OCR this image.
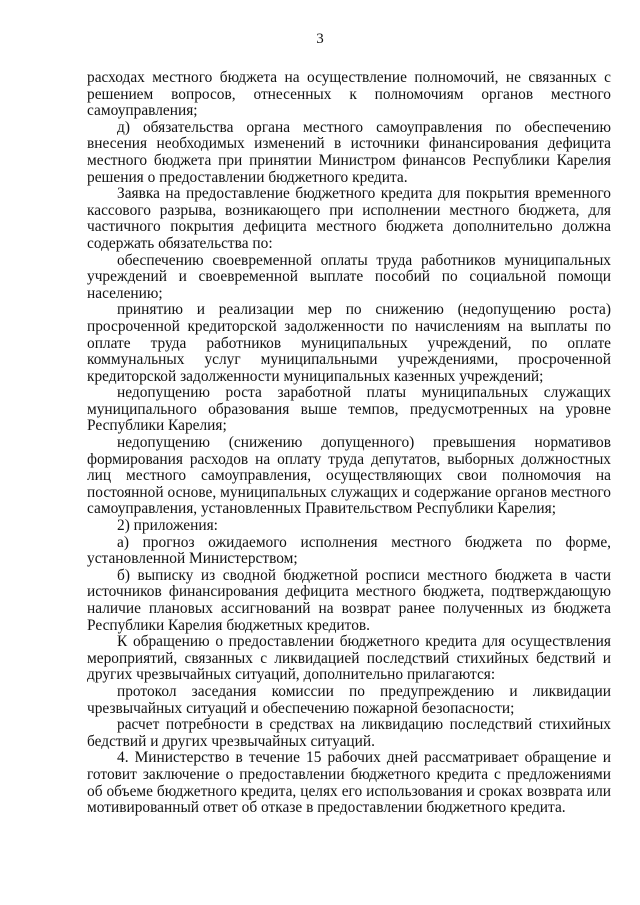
3

расходах местного бюджета на осуществление полномочий, не связанных с решением вопросов, отнесенных к полномочиям органов местного самоуправления;

д) обязательства органа местного самоуправления по обеспечению внесения необходимых изменений в источники финансирования дефицита местного бюджета при принятии Министром финансов Республики Карелия решения о предоставлении бюджетного кредита.

Заявка на предоставление бюджетного кредита для покрытия временного кассового разрыва, возникающего при исполнении местного бюджета, для частичного покрытия дефицита местного бюджета дополнительно должна содержать обязательства по:

обеспечению своевременной оплаты труда работников муниципальных учреждений и своевременной выплате пособий по социальной помощи населению;

принятию и реализации мер по снижению (недопущению роста) просроченной кредиторской задолженности по начислениям на выплаты по оплате труда работников муниципальных учреждений, по оплате коммунальных услуг муниципальными учреждениями, просроченной кредиторской задолженности муниципальных казенных учреждений;

недопущению роста заработной платы муниципальных служащих муниципального образования выше темпов, предусмотренных на уровне Республики Карелия;

недопущению (снижению допущенного) превышения нормативов формирования расходов на оплату труда депутатов, выборных должностных лиц местного самоуправления, осуществляющих свои полномочия на постоянной основе, муниципальных служащих и содержание органов местного самоуправления, установленных Правительством Республики Карелия;

2) приложения:

а) прогноз ожидаемого исполнения местного бюджета по форме, установленной Министерством;

б) выписку из сводной бюджетной росписи местного бюджета в части источников финансирования дефицита местного бюджета, подтверждающую наличие плановых ассигнований на возврат ранее полученных из бюджета Республики Карелия бюджетных кредитов.

К обращению о предоставлении бюджетного кредита для осуществления мероприятий, связанных с ликвидацией последствий стихийных бедствий и других чрезвычайных ситуаций, дополнительно прилагаются:

протокол заседания комиссии по предупреждению и ликвидации чрезвычайных ситуаций и обеспечению пожарной безопасности;

расчет потребности в средствах на ликвидацию последствий стихийных бедствий и других чрезвычайных ситуаций.

4. Министерство в течение 15 рабочих дней рассматривает обращение и готовит заключение о предоставлении бюджетного кредита с предложениями об объеме бюджетного кредита, целях его использования и сроках возврата или мотивированный ответ об отказе в предоставлении бюджетного кредита.
